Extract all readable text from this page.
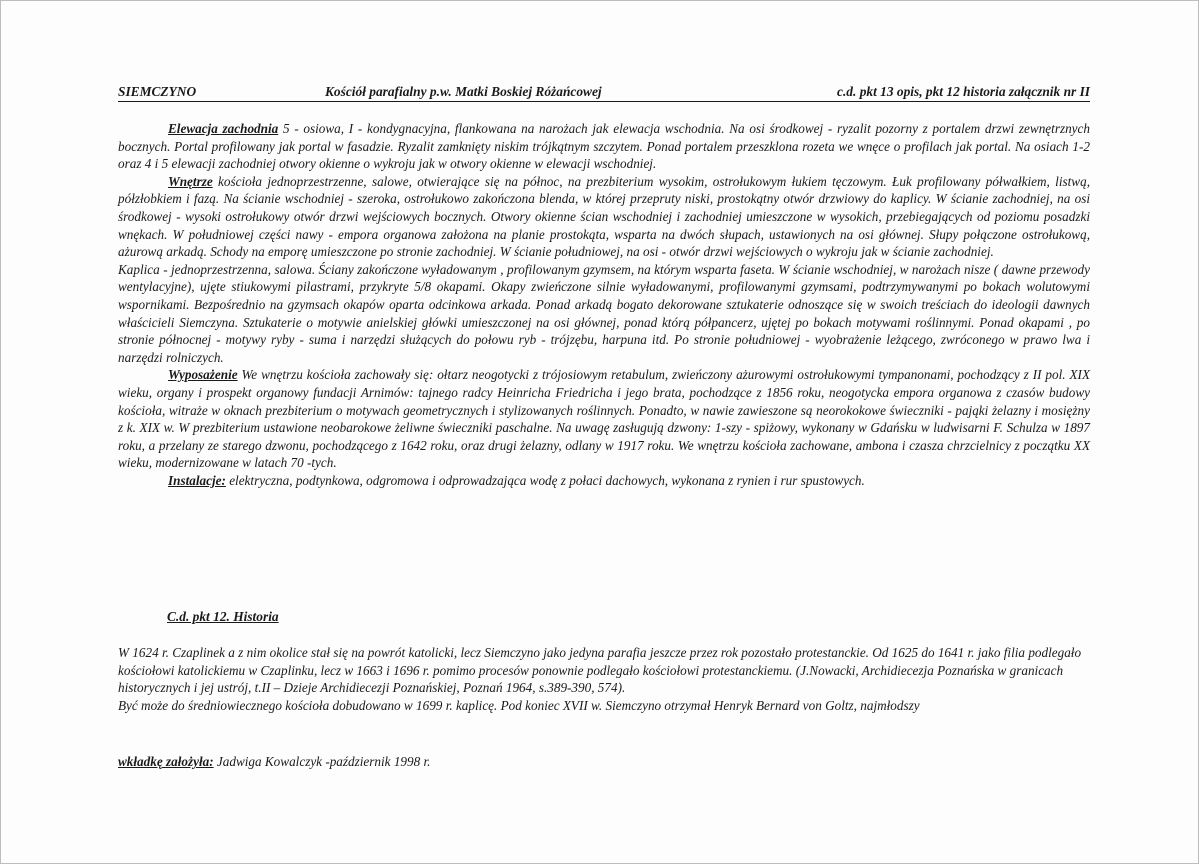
SIEMCZYNO	Kościół parafialny p.w. Matki Boskiej Różańcowej	c.d. pkt 13 opis, pkt 12 historia załącznik nr II

Elewacja zachodnia 5 - osiowa, I - kondygnacyjna, flankowana na narożach jak elewacja wschodnia. Na osi środkowej - ryzalit pozorny z portalem drzwi zewnętrznych bocznych. Portal profilowany jak portal w fasadzie. Ryzalit zamknięty niskim trójkątnym szczytem. Ponad portalem przeszklona rozeta we wnęce o profilach jak portal. Na osiach 1-2 oraz 4 i 5 elewacji zachodniej otwory okienne o wykroju jak w otwory okienne w elewacji wschodniej.

Wnętrze kościoła jednoprzestrzenne, salowe, otwierające się na północ, na prezbiterium wysokim, ostrołukowym łukiem tęczowym. Łuk profilowany półwałkiem, listwą, półzłobkiem i fazą. Na ścianie wschodniej - szeroka, ostrołukowo zakończona blenda, w której przepruty niski, prostokątny otwór drzwiowy do kaplicy. W ścianie zachodniej, na osi środkowej - wysoki ostrołukowy otwór drzwi wejściowych bocznych. Otwory okienne ścian wschodniej i zachodniej umieszczone w wysokich, przebiegających od poziomu posadzki wnękach. W południowej części nawy - empora organowa założona na planie prostokąta, wsparta na dwóch słupach, ustawionych na osi głównej. Słupy połączone ostrołukową, ażurową arkadą. Schody na emporę umieszczone po stronie zachodniej. W ścianie południowej, na osi - otwór drzwi wejściowych o wykroju jak w ścianie zachodniej.

Kaplica - jednoprzestrzenna, salowa. Ściany zakończone wyładowanym , profilowanym gzymsem, na którym wsparta faseta. W ścianie wschodniej, w narożach nisze ( dawne przewody wentylacyjne), ujęte stiukowymi pilastrami, przykryte 5/8 okapami. Okapy zwieńczone silnie wyładowanymi, profilowanymi gzymsami, podtrzymywanymi po bokach wolutowymi wspornikami. Bezpośrednio na gzymsach okapów oparta odcinkowa arkada. Ponad arkadą bogato dekorowane sztukaterie odnoszące się w swoich treściach do ideologii dawnych właścicieli Siemczyna. Sztukaterie o motywie anielskiej główki umieszczonej na osi głównej, ponad którą półpancerz, ujętej po bokach motywami roślinnymi. Ponad okapami , po stronie północnej - motywy ryby - suma i narzędzi służących do połowu ryb - trójzębu, harpuna itd. Po stronie południowej - wyobrażenie leżącego, zwróconego w prawo lwa i narzędzi rolniczych.

Wyposażenie We wnętrzu kościoła zachowały się: ołtarz neogotycki z trójosiowym retabulum, zwieńczony ażurowymi ostrołukowymi tympanonami, pochodzący z II pol. XIX wieku, organy i prospekt organowy fundacji Arnimów: tajnego radcy Heinricha Friedricha i jego brata, pochodzące z 1856 roku, neogotycka empora organowa z czasów budowy kościoła, witraże w oknach prezbiterium o motywach geometrycznych i stylizowanych roślinnych. Ponadto, w nawie zawieszone są neorokokowe świeczniki - pająki żelazny i mosiężny z k. XIX w. W prezbiterium ustawione neobarokowe żeliwne świeczniki paschalne. Na uwagę zasługują dzwony: 1-szy - spiżowy, wykonany w Gdańsku w ludwisarni F. Schulza w 1897 roku, a przelany ze starego dzwonu, pochodzącego z 1642 roku, oraz drugi żelazny, odlany w 1917 roku. We wnętrzu kościoła zachowane, ambona i czasza chrzcielnicy z początku XX wieku, modernizowane w latach 70 -tych.

Instalacje: elektryczna, podtynkowa, odgromowa i odprowadzająca wodę z połaci dachowych, wykonana z rynien i rur spustowych.

C.d. pkt 12. Historia

W 1624 r. Czaplinek a z nim okolice stał się na powrót katolicki, lecz Siemczyno jako jedyna parafia jeszcze przez rok pozostało protestanckie. Od 1625 do 1641 r. jako filia podlegało kościołowi katolickiemu w Czaplinku, lecz w 1663 i 1696 r. pomimo procesów ponownie podlegało kościołowi protestanckiemu. (J.Nowacki, Archidiecezja Poznańska w granicach historycznych i jej ustrój, t.II – Dzieje Archidiecezji Poznańskiej, Poznań 1964, s.389-390, 574).

Być może do średniowiecznego kościoła dobudowano w 1699 r. kaplicę. Pod koniec XVII w. Siemczyno otrzymał Henryk Bernard von Goltz, najmłodszy

wkładkę założyła: Jadwiga Kowalczyk -październik 1998 r.
